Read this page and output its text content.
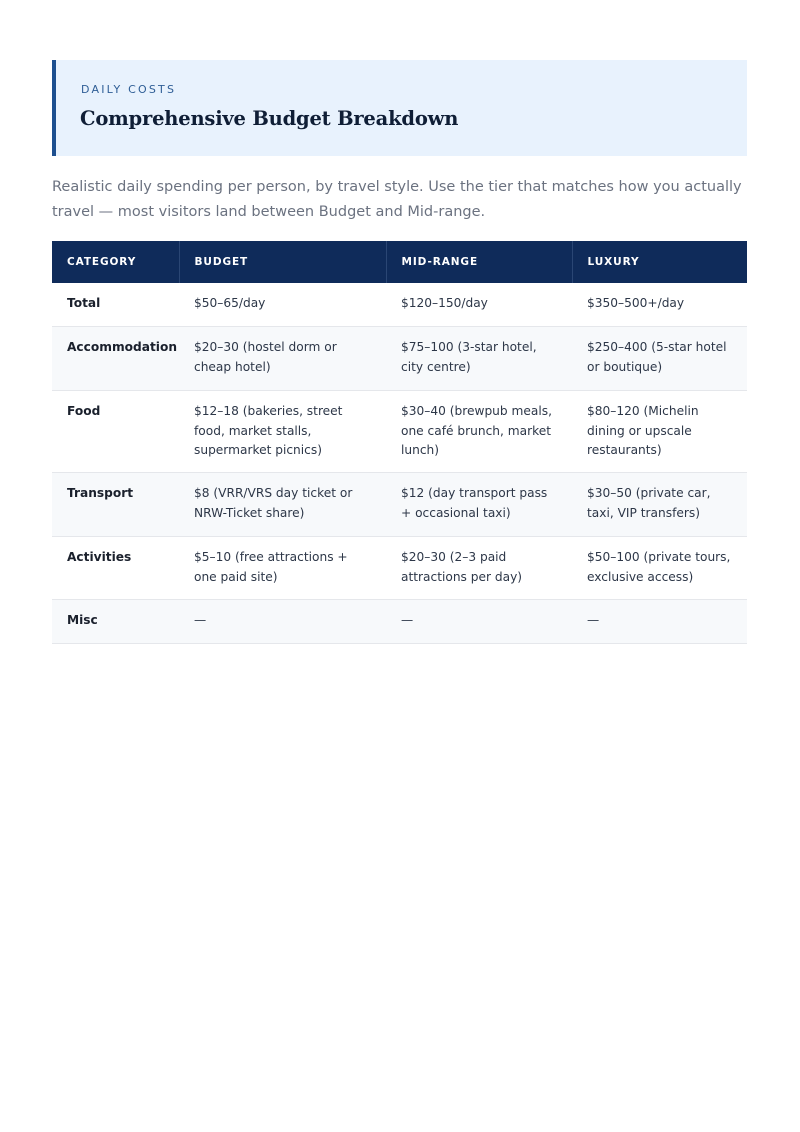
DAILY COSTS
Comprehensive Budget Breakdown
Realistic daily spending per person, by travel style. Use the tier that matches how you actually travel — most visitors land between Budget and Mid-range.
CATEGORY	BUDGET	MID-RANGE	LUXURY
Total	$50–65/day	$120–150/day	$350–500+/day
Accommodation	$20–30 (hostel dorm or cheap hotel)	$75–100 (3-star hotel, city centre)	$250–400 (5-star hotel or boutique)
Food	$12–18 (bakeries, street food, market stalls, supermarket picnics)	$30–40 (brewpub meals, one café brunch, market lunch)	$80–120 (Michelin dining or upscale restaurants)
Transport	$8 (VRR/VRS day ticket or NRW-Ticket share)	$12 (day transport pass + occasional taxi)	$30–50 (private car, taxi, VIP transfers)
Activities	$5–10 (free attractions + one paid site)	$20–30 (2–3 paid attractions per day)	$50–100 (private tours, exclusive access)
Misc	—	—	—
